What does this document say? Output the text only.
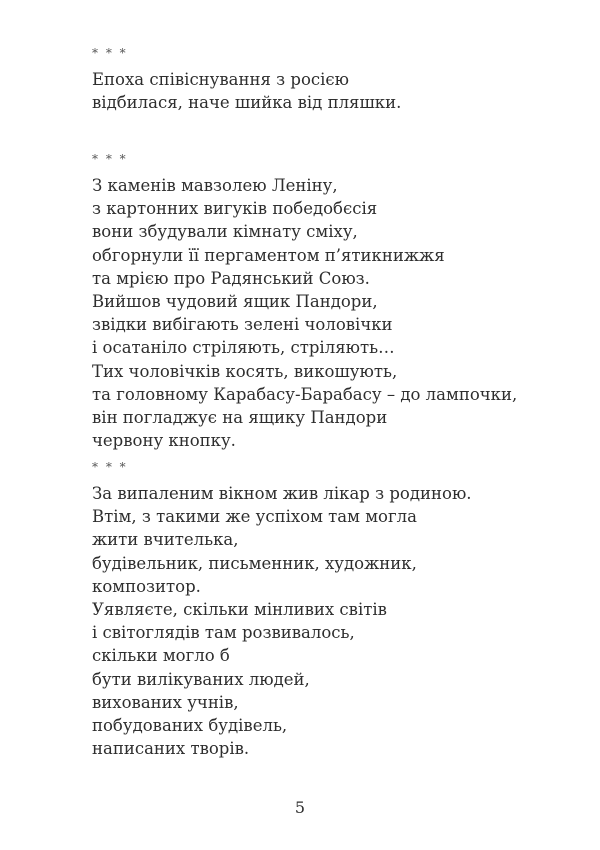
* * *
Епоха співіснування з росією
відбилася, наче шийка від пляшки.
* * *
З каменів мавзолею Леніну,
з картонних вигуків победобєсія
вони збудували кімнату сміху,
обгорнули її пергаментом п’ятикнижжя
та мрією про Радянський Союз.
Вийшов чудовий ящик Пандори,
звідки вибігають зелені чоловічки
і осатаніло стріляють, стріляють…
Тих чоловічків косять, викошують,
та головному Карабасу-Барабасу – до лампочки,
він погладжує на ящику Пандори
червону кнопку.
* * *
За випаленим вікном жив лікар з родиною.
Втім, з такими же успіхом там могла
жити вчителька,
будівельник, письменник, художник,
композитор.
Уявляєте, скільки мінливих світів
і світоглядів там розвивалось,
скільки могло б
бути вилікуваних людей,
вихованих учнів,
побудованих будівель,
написаних творів.
5
